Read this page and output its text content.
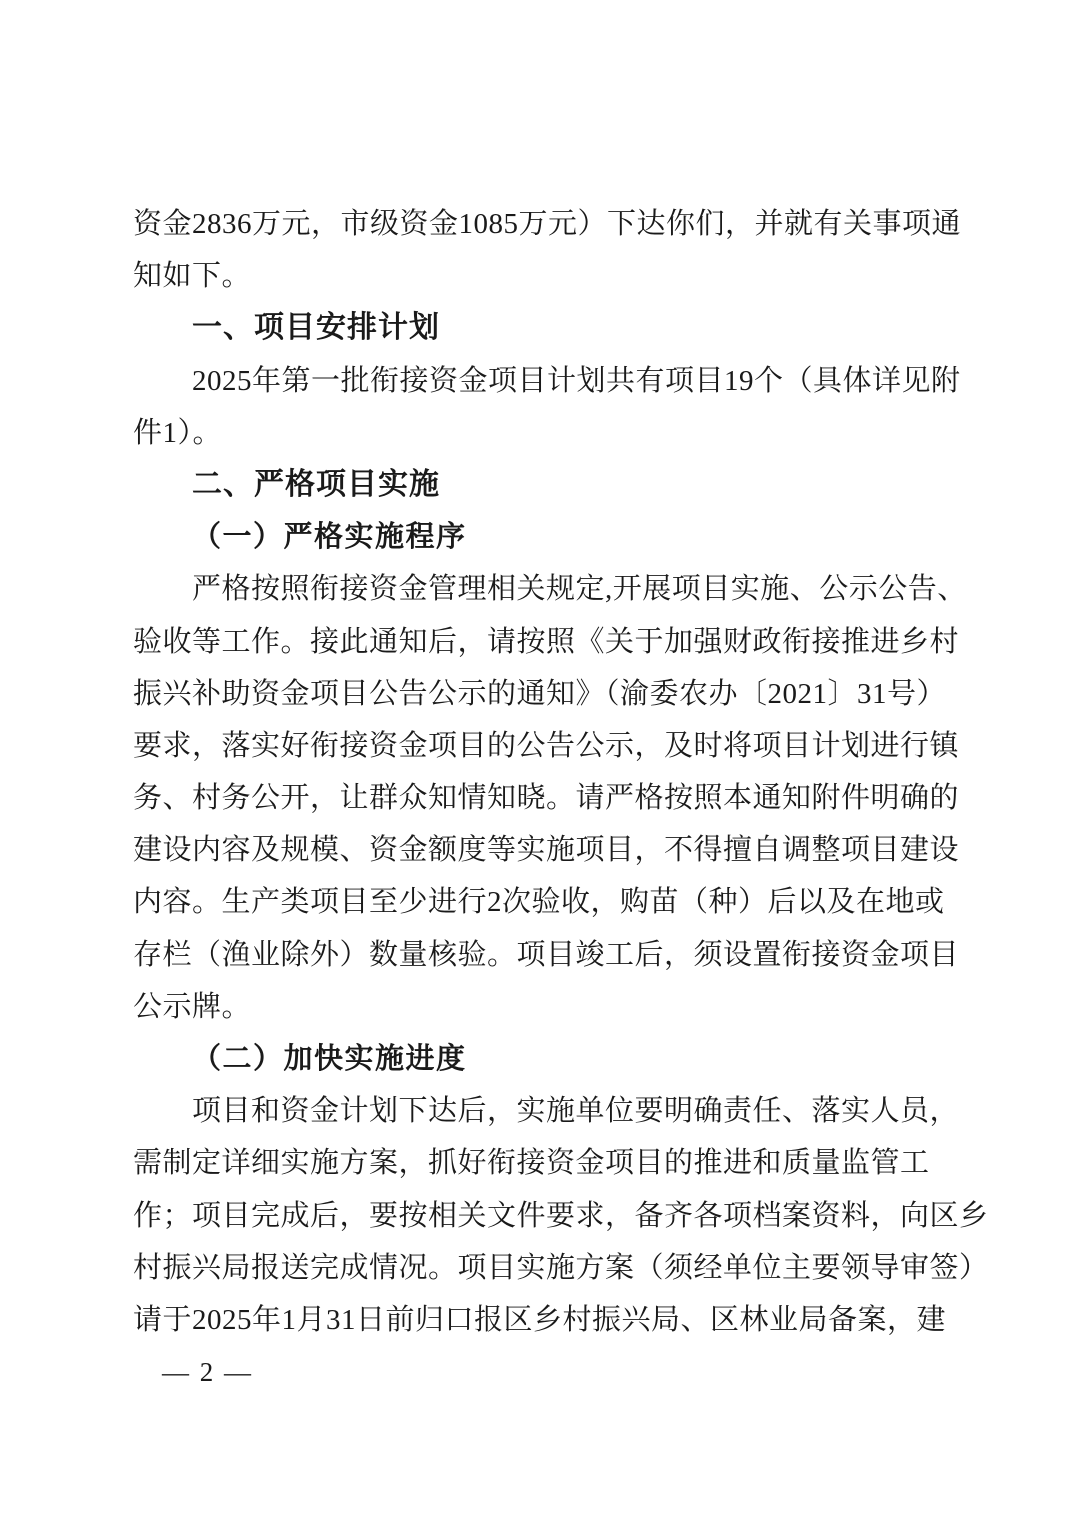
资金2836万元，市级资金1085万元）下达你们，并就有关事项通
知如下。
一、项目安排计划
2025年第一批衔接资金项目计划共有项目19个（具体详见附
件1）。
二、严格项目实施
（一）严格实施程序
严格按照衔接资金管理相关规定,开展项目实施、公示公告、
验收等工作。接此通知后，请按照《关于加强财政衔接推进乡村
振兴补助资金项目公告公示的通知》（渝委农办〔2021〕31号）
要求，落实好衔接资金项目的公告公示，及时将项目计划进行镇
务、村务公开，让群众知情知晓。请严格按照本通知附件明确的
建设内容及规模、资金额度等实施项目，不得擅自调整项目建设
内容。生产类项目至少进行2次验收，购苗（种）后以及在地或
存栏（渔业除外）数量核验。项目竣工后，须设置衔接资金项目
公示牌。
（二）加快实施进度
项目和资金计划下达后，实施单位要明确责任、落实人员，
需制定详细实施方案，抓好衔接资金项目的推进和质量监管工
作；项目完成后，要按相关文件要求，备齐各项档案资料，向区乡
村振兴局报送完成情况。项目实施方案（须经单位主要领导审签）
请于2025年1月31日前归口报区乡村振兴局、区林业局备案，建
— 2 —
